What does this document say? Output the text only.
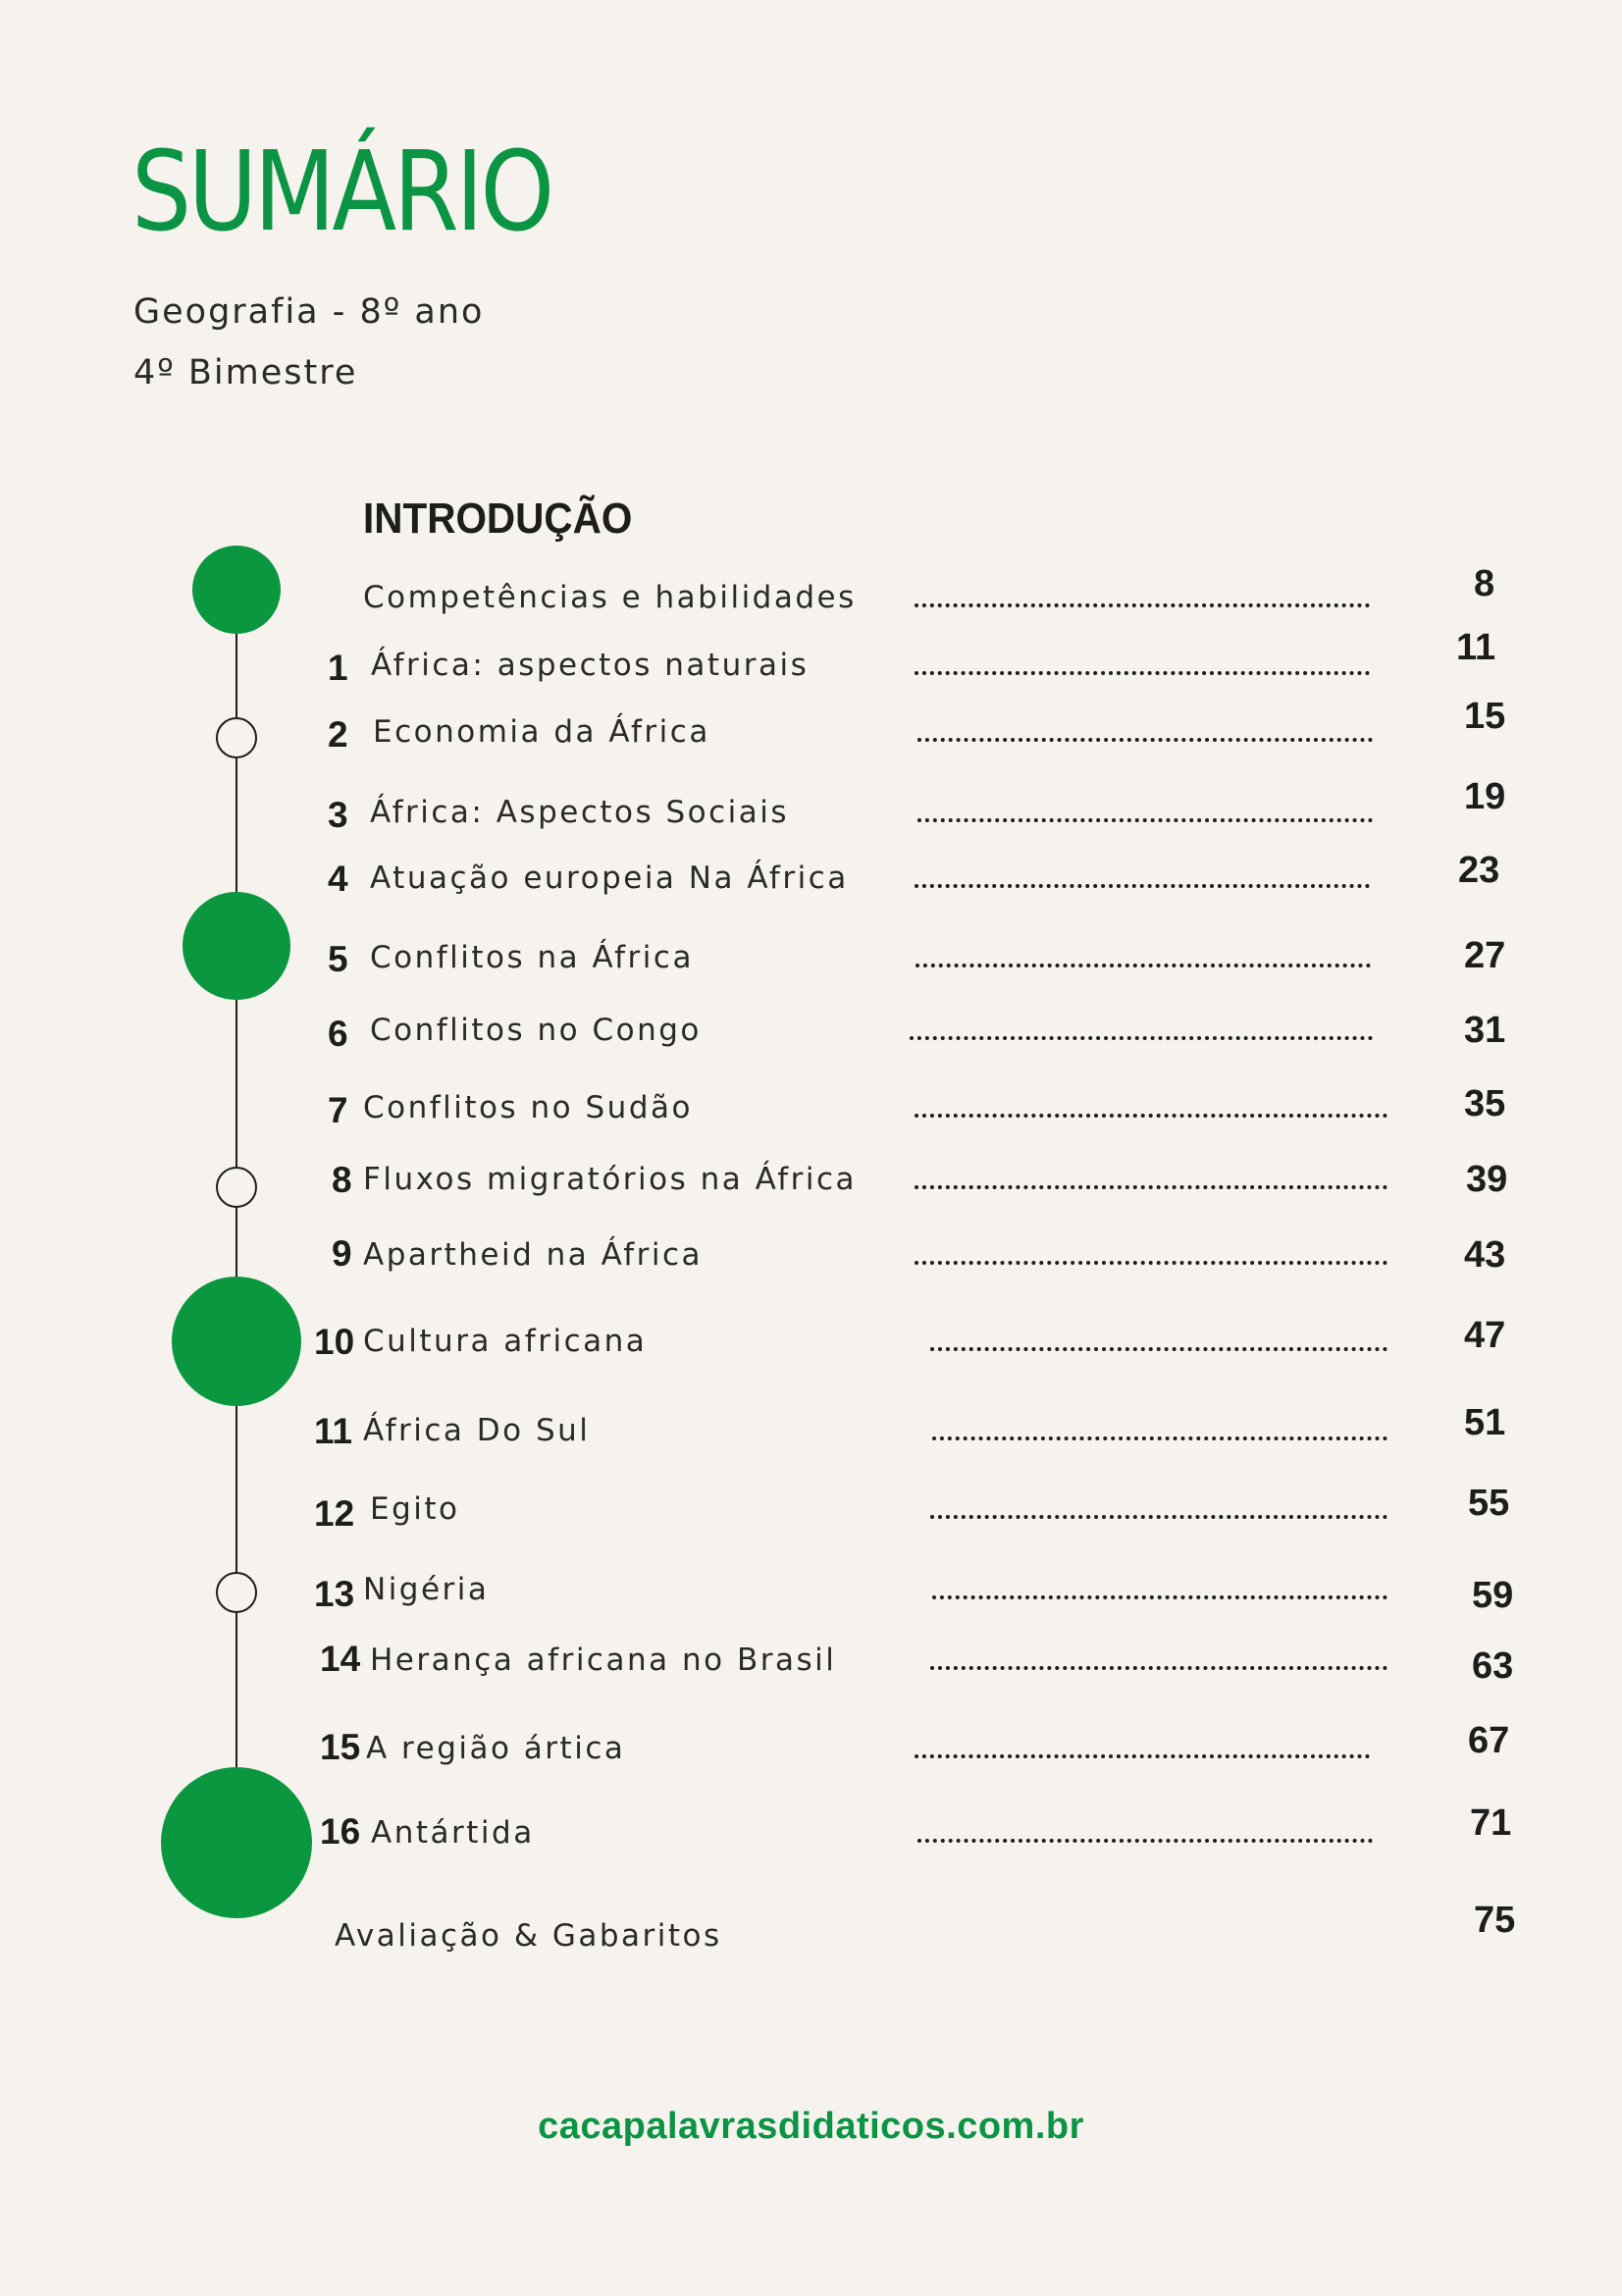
SUMÁRIO

Geografia - 8º ano

4º Bimestre

INTRODUÇÃO
Competências e habilidades	8
1 África: aspectos naturais	11
2 Economia da África	15
3 África: Aspectos Sociais	19
4 Atuação europeia Na África	23
5 Conflitos na África	27
6 Conflitos no Congo	31
7 Conflitos no Sudão	35
8 Fluxos migratórios na África	39
9 Apartheid na África	43
10 Cultura africana	47
11 África Do Sul	51
12 Egito	55
13 Nigéria	59
14 Herança africana no Brasil	63
15 A região ártica	67
16 Antártida	71
Avaliação & Gabaritos	75
cacapalavrasdidaticos.com.br
